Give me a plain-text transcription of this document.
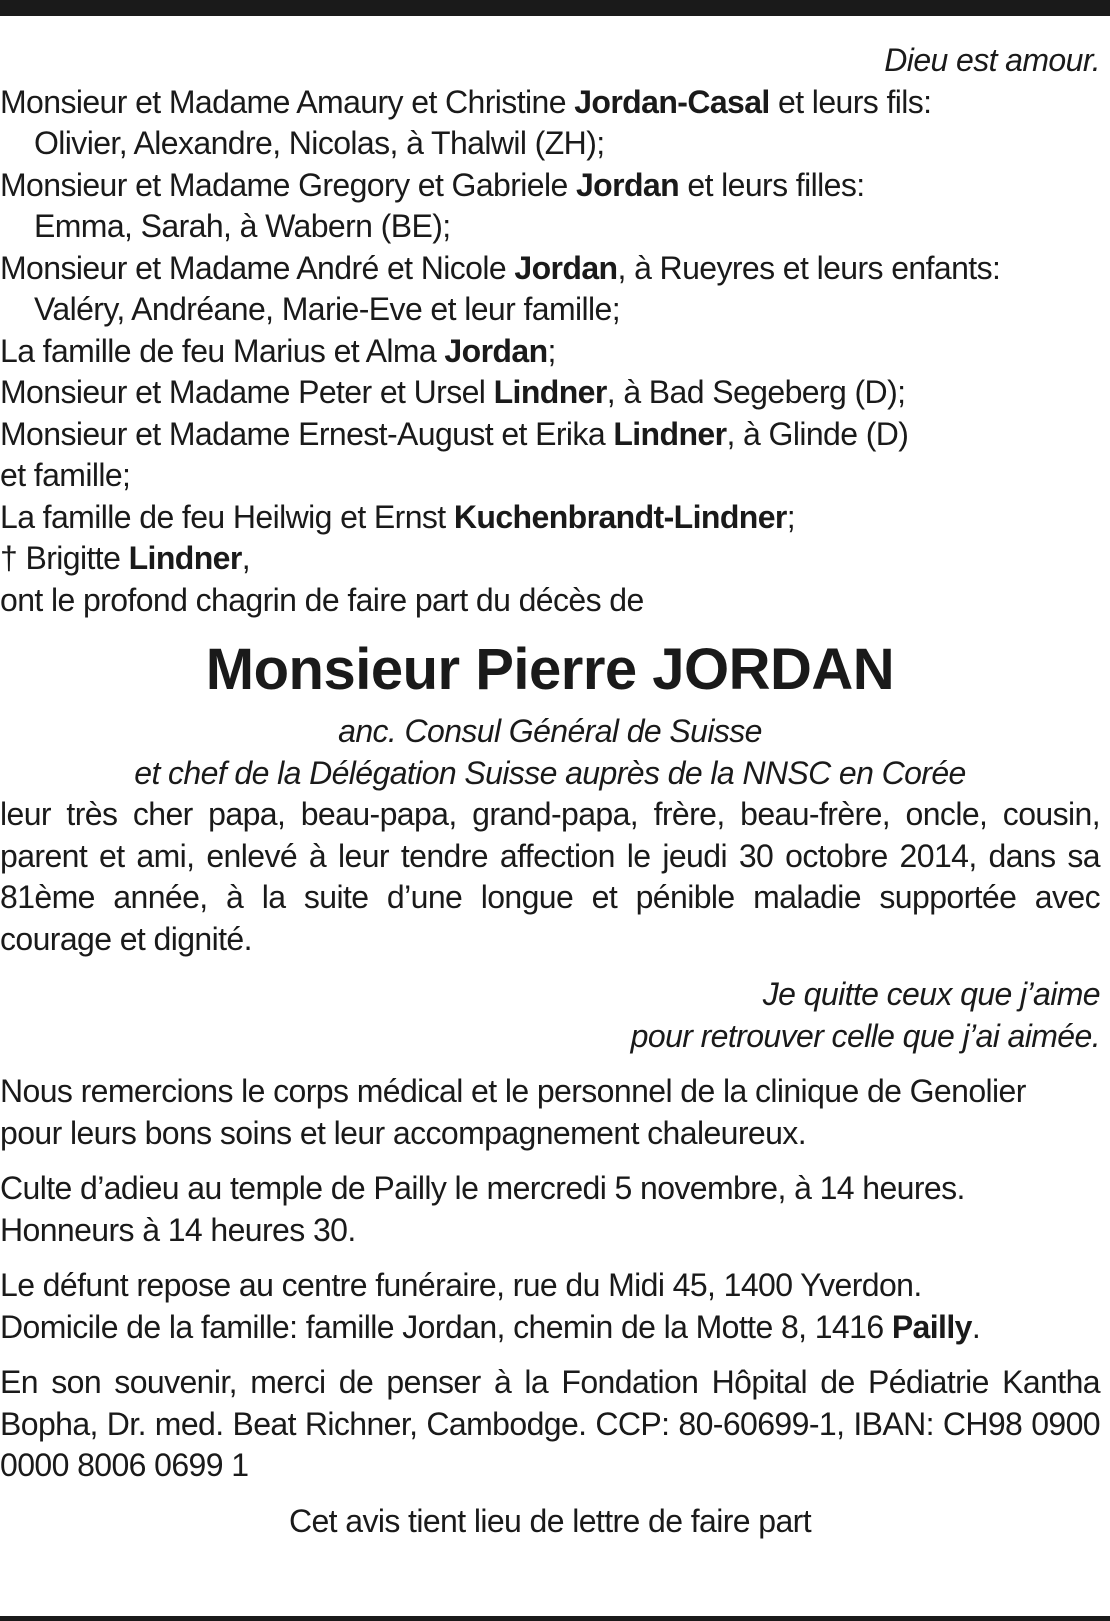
Dieu est amour.

Monsieur et Madame Amaury et Christine Jordan-Casal et leurs fils:

Olivier, Alexandre, Nicolas, à Thalwil (ZH);

Monsieur et Madame Gregory et Gabriele Jordan et leurs filles:

Emma, Sarah, à Wabern (BE);

Monsieur et Madame André et Nicole Jordan, à Rueyres et leurs enfants:

Valéry, Andréane, Marie-Eve et leur famille;

La famille de feu Marius et Alma Jordan;

Monsieur et Madame Peter et Ursel Lindner, à Bad Segeberg (D);

Monsieur et Madame Ernest-August et Erika Lindner, à Glinde (D)

et famille;

La famille de feu Heilwig et Ernst Kuchenbrandt-Lindner;

† Brigitte Lindner,

ont le profond chagrin de faire part du décès de

Monsieur Pierre JORDAN

anc. Consul Général de Suisse

et chef de la Délégation Suisse auprès de la NNSC en Corée

leur très cher papa, beau-papa, grand-papa, frère, beau-frère, oncle, cousin, parent et ami, enlevé à leur tendre affection le jeudi 30 octobre 2014, dans sa 81ème année, à la suite d’une longue et pénible maladie supportée avec courage et dignité.

Je quitte ceux que j’aime

pour retrouver celle que j’ai aimée.

Nous remercions le corps médical et le personnel de la clinique de Genolier

pour leurs bons soins et leur accompagnement chaleureux.

Culte d’adieu au temple de Pailly le mercredi 5 novembre, à 14 heures.

Honneurs à 14 heures 30.

Le défunt repose au centre funéraire, rue du Midi 45, 1400 Yverdon.

Domicile de la famille: famille Jordan, chemin de la Motte 8, 1416 Pailly.

En son souvenir, merci de penser à la Fondation Hôpital de Pédiatrie Kantha Bopha, Dr. med. Beat Richner, Cambodge. CCP: 80-60699-1, IBAN: CH98 0900 0000 8006 0699 1

Cet avis tient lieu de lettre de faire part
